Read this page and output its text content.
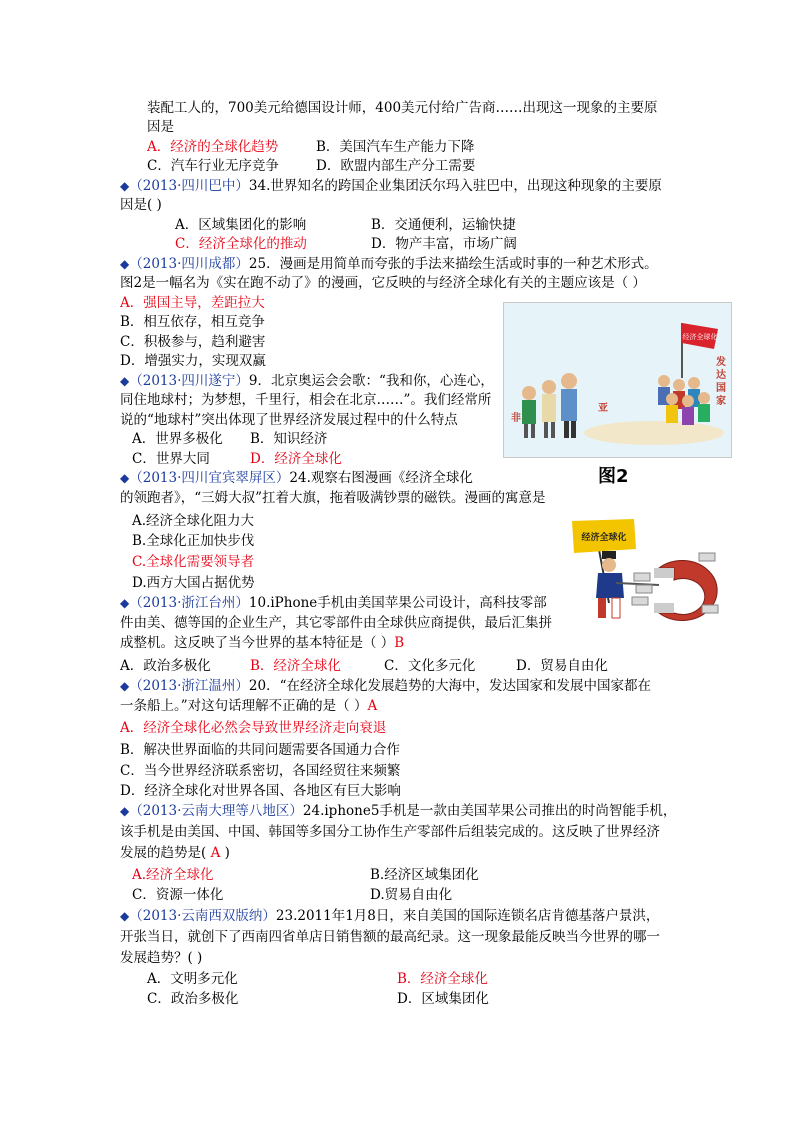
装配工人的，700美元给德国设计师，400美元付给广告商……出现这一现象的主要原
因是
A．经济的全球化趋势	B．美国汽车生产能力下降
C．汽车行业无序竞争	D．欧盟内部生产分工需要
◆（2013·四川巴中）34.世界知名的跨国企业集团沃尔玛入驻巴中，出现这种现象的主要原
因是( )
A．区域集团化的影响	B．交通便利，运输快捷
C．经济全球化的推动	D．物产丰富，市场广阔
◆（2013·四川成都）25．漫画是用简单而夸张的手法来描绘生活或时事的一种艺术形式。
图2是一幅名为《实在跑不动了》的漫画，它反映的与经济全球化有关的主题应该是（ ）
A．强国主导，差距拉大
B．相互依存，相互竞争
C．积极参与，趋利避害
D．增强实力，实现双赢
◆（2013·四川遂宁）9．北京奥运会会歌：“我和你，心连心，
同住地球村；为梦想，千里行，相会在北京……”。我们经常所
说的“地球村”突出体现了世界经济发展过程中的什么特点
A．世界多极化 B．知识经济
C．世界大同	D．经济全球化
◆（2013·四川宜宾翠屏区）24.观察右图漫画《经济全球化
的领跑者》，“三姆大叔”扛着大旗，拖着吸满钞票的磁铁。漫画的寓意是
A.经济全球化阻力大
B.全球化正加快步伐
C.全球化需要领导者
D.西方大国占据优势
◆（2013·浙江台州）10.iPhone手机由美国苹果公司设计，高科技零部
件由美、德等国的企业生产，其它零部件由全球供应商提供，最后汇集拼
成整机。这反映了当今世界的基本特征是（ ）B
A．政治多极化	B．经济全球化	C．文化多元化	D．贸易自由化
◆（2013·浙江温州）20．“在经济全球化发展趋势的大海中，发达国家和发展中国家都在
一条船上。”对这句话理解不正确的是（ ）A
A．经济全球化必然会导致世界经济走向衰退
B．解决世界面临的共同问题需要各国通力合作
C．当今世界经济联系密切，各国经贸往来频繁
D．经济全球化对世界各国、各地区有巨大影响
◆（2013·云南大理等八地区）24.iphone5手机是一款由美国苹果公司推出的时尚智能手机，
该手机是由美国、中国、韩国等多国分工协作生产零部件后组装完成的。这反映了世界经济
发展的趋势是( A )
A.经济全球化	B.经济区域集团化
C．资源一体化	D.贸易自由化
◆（2013·云南西双版纳）23.2011年1月8日，来自美国的国际连锁名店肯德基落户景洪，
开张当日，就创下了西南四省单店日销售额的最高纪录。这一现象最能反映当今世界的哪一
发展趋势？( )
A．文明多元化	B．经济全球化
C．政治多极化	D．区域集团化
经济全球化
发
达
国
家
非
亚
图2
经济全球化
